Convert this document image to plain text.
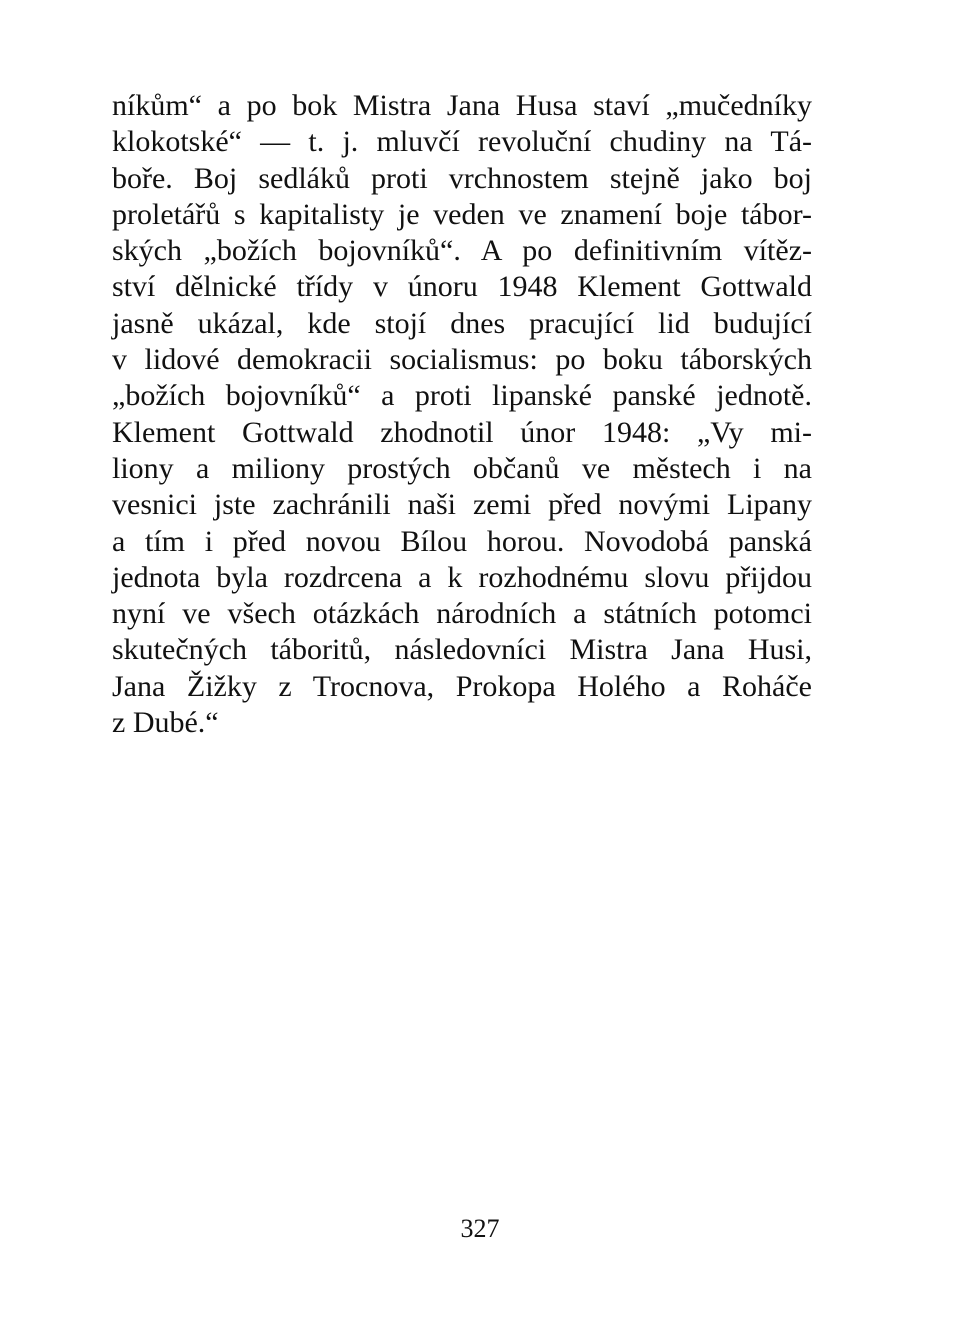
níkům“ a po bok Mistra Jana Husa staví „mučedníky
klokotské“ — t. j. mluvčí revoluční chudiny na Tá-
boře. Boj sedláků proti vrchnostem stejně jako boj
proletářů s kapitalisty je veden ve znamení boje tábor-
ských „božích bojovníků“. A po definitivním vítěz-
ství dělnické třídy v únoru 1948 Klement Gottwald
jasně ukázal, kde stojí dnes pracující lid budující
v lidové demokracii socialismus: po boku táborských
„božích bojovníků“ a proti lipanské panské jednotě.
Klement Gottwald zhodnotil únor 1948: „Vy mi-
liony a miliony prostých občanů ve městech i na
vesnici jste zachránili naši zemi před novými Lipany
a tím i před novou Bílou horou. Novodobá panská
jednota byla rozdrcena a k rozhodnému slovu přijdou
nyní ve všech otázkách národních a státních potomci
skutečných táboritů, následovníci Mistra Jana Husi,
Jana Žižky z Trocnova, Prokopa Holého a Roháče
z Dubé.“
327
